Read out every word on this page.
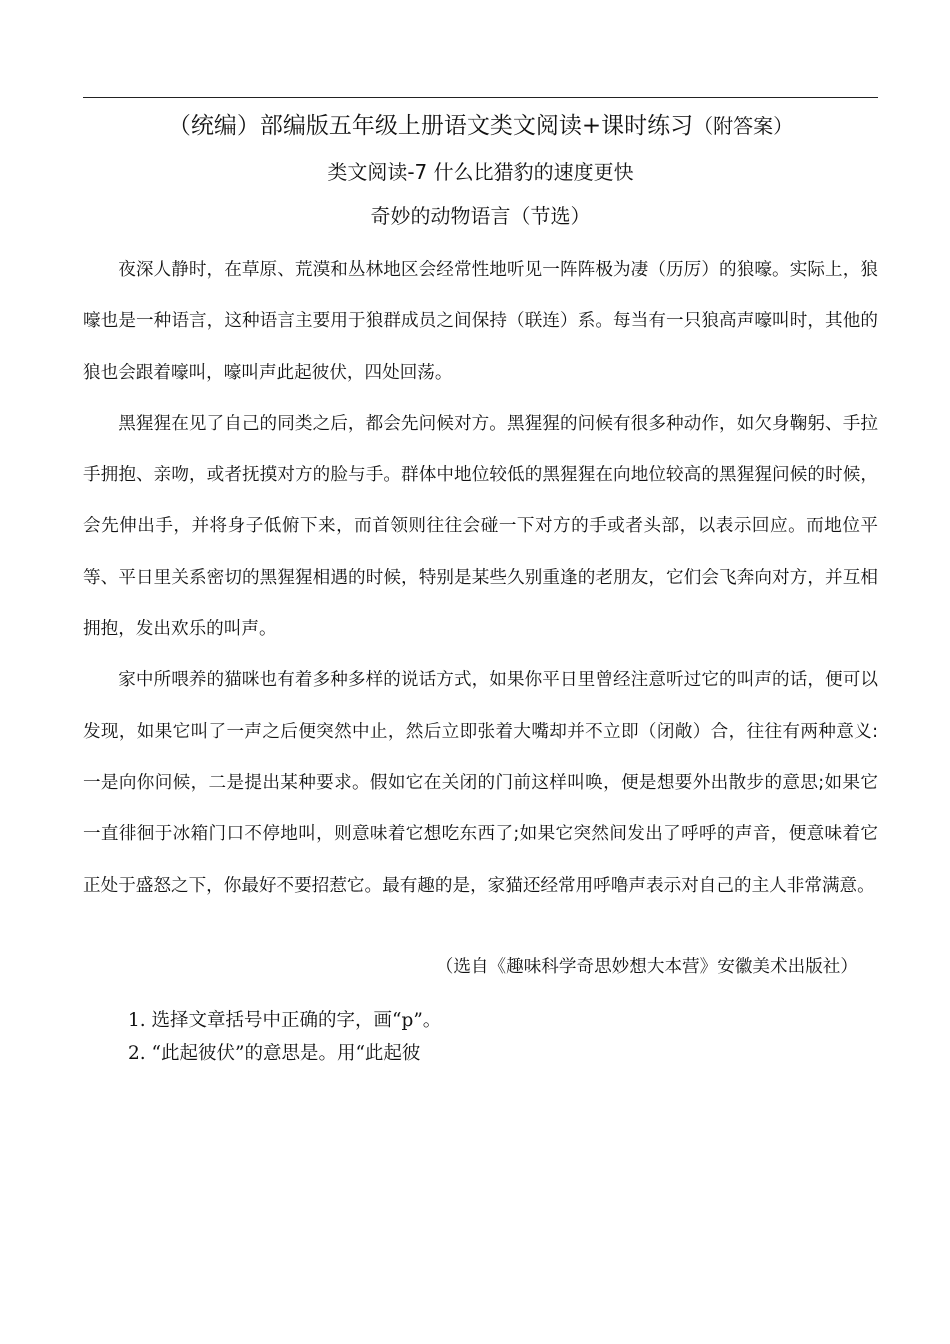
（统编）部编版五年级上册语文类文阅读+课时练习（附答案）
类文阅读-7 什么比猎豹的速度更快
奇妙的动物语言（节选）

夜深人静时，在草原、荒漠和丛林地区会经常性地听见一阵阵极为凄（历厉）的狼嚎。实际上，狼嚎也是一种语言，这种语言主要用于狼群成员之间保持（联连）系。每当有一只狼高声嚎叫时，其他的狼也会跟着嚎叫，嚎叫声此起彼伏，四处回荡。

黑猩猩在见了自己的同类之后，都会先问候对方。黑猩猩的问候有很多种动作，如欠身鞠躬、手拉手拥抱、亲吻，或者抚摸对方的脸与手。群体中地位较低的黑猩猩在向地位较高的黑猩猩问候的时候，会先伸出手，并将身子低俯下来，而首领则往往会碰一下对方的手或者头部，以表示回应。而地位平等、平日里关系密切的黑猩猩相遇的时候，特别是某些久别重逢的老朋友，它们会飞奔向对方，并互相拥抱，发出欢乐的叫声。

家中所喂养的猫咪也有着多种多样的说话方式，如果你平日里曾经注意听过它的叫声的话，便可以发现，如果它叫了一声之后便突然中止，然后立即张着大嘴却并不立即（闭敞）合，往往有两种意义:一是向你问候，二是提出某种要求。假如它在关闭的门前这样叫唤，便是想要外出散步的意思;如果它一直徘徊于冰箱门口不停地叫，则意味着它想吃东西了;如果它突然间发出了呼呼的声音，便意味着它正处于盛怒之下，你最好不要招惹它。最有趣的是，家猫还经常用呼噜声表示对自己的主人非常满意。

（选自《趣味科学奇思妙想大本营》安徽美术出版社）

1. 选择文章括号中正确的字，画“p”。

2. “此起彼伏”的意思是。用“此起彼
